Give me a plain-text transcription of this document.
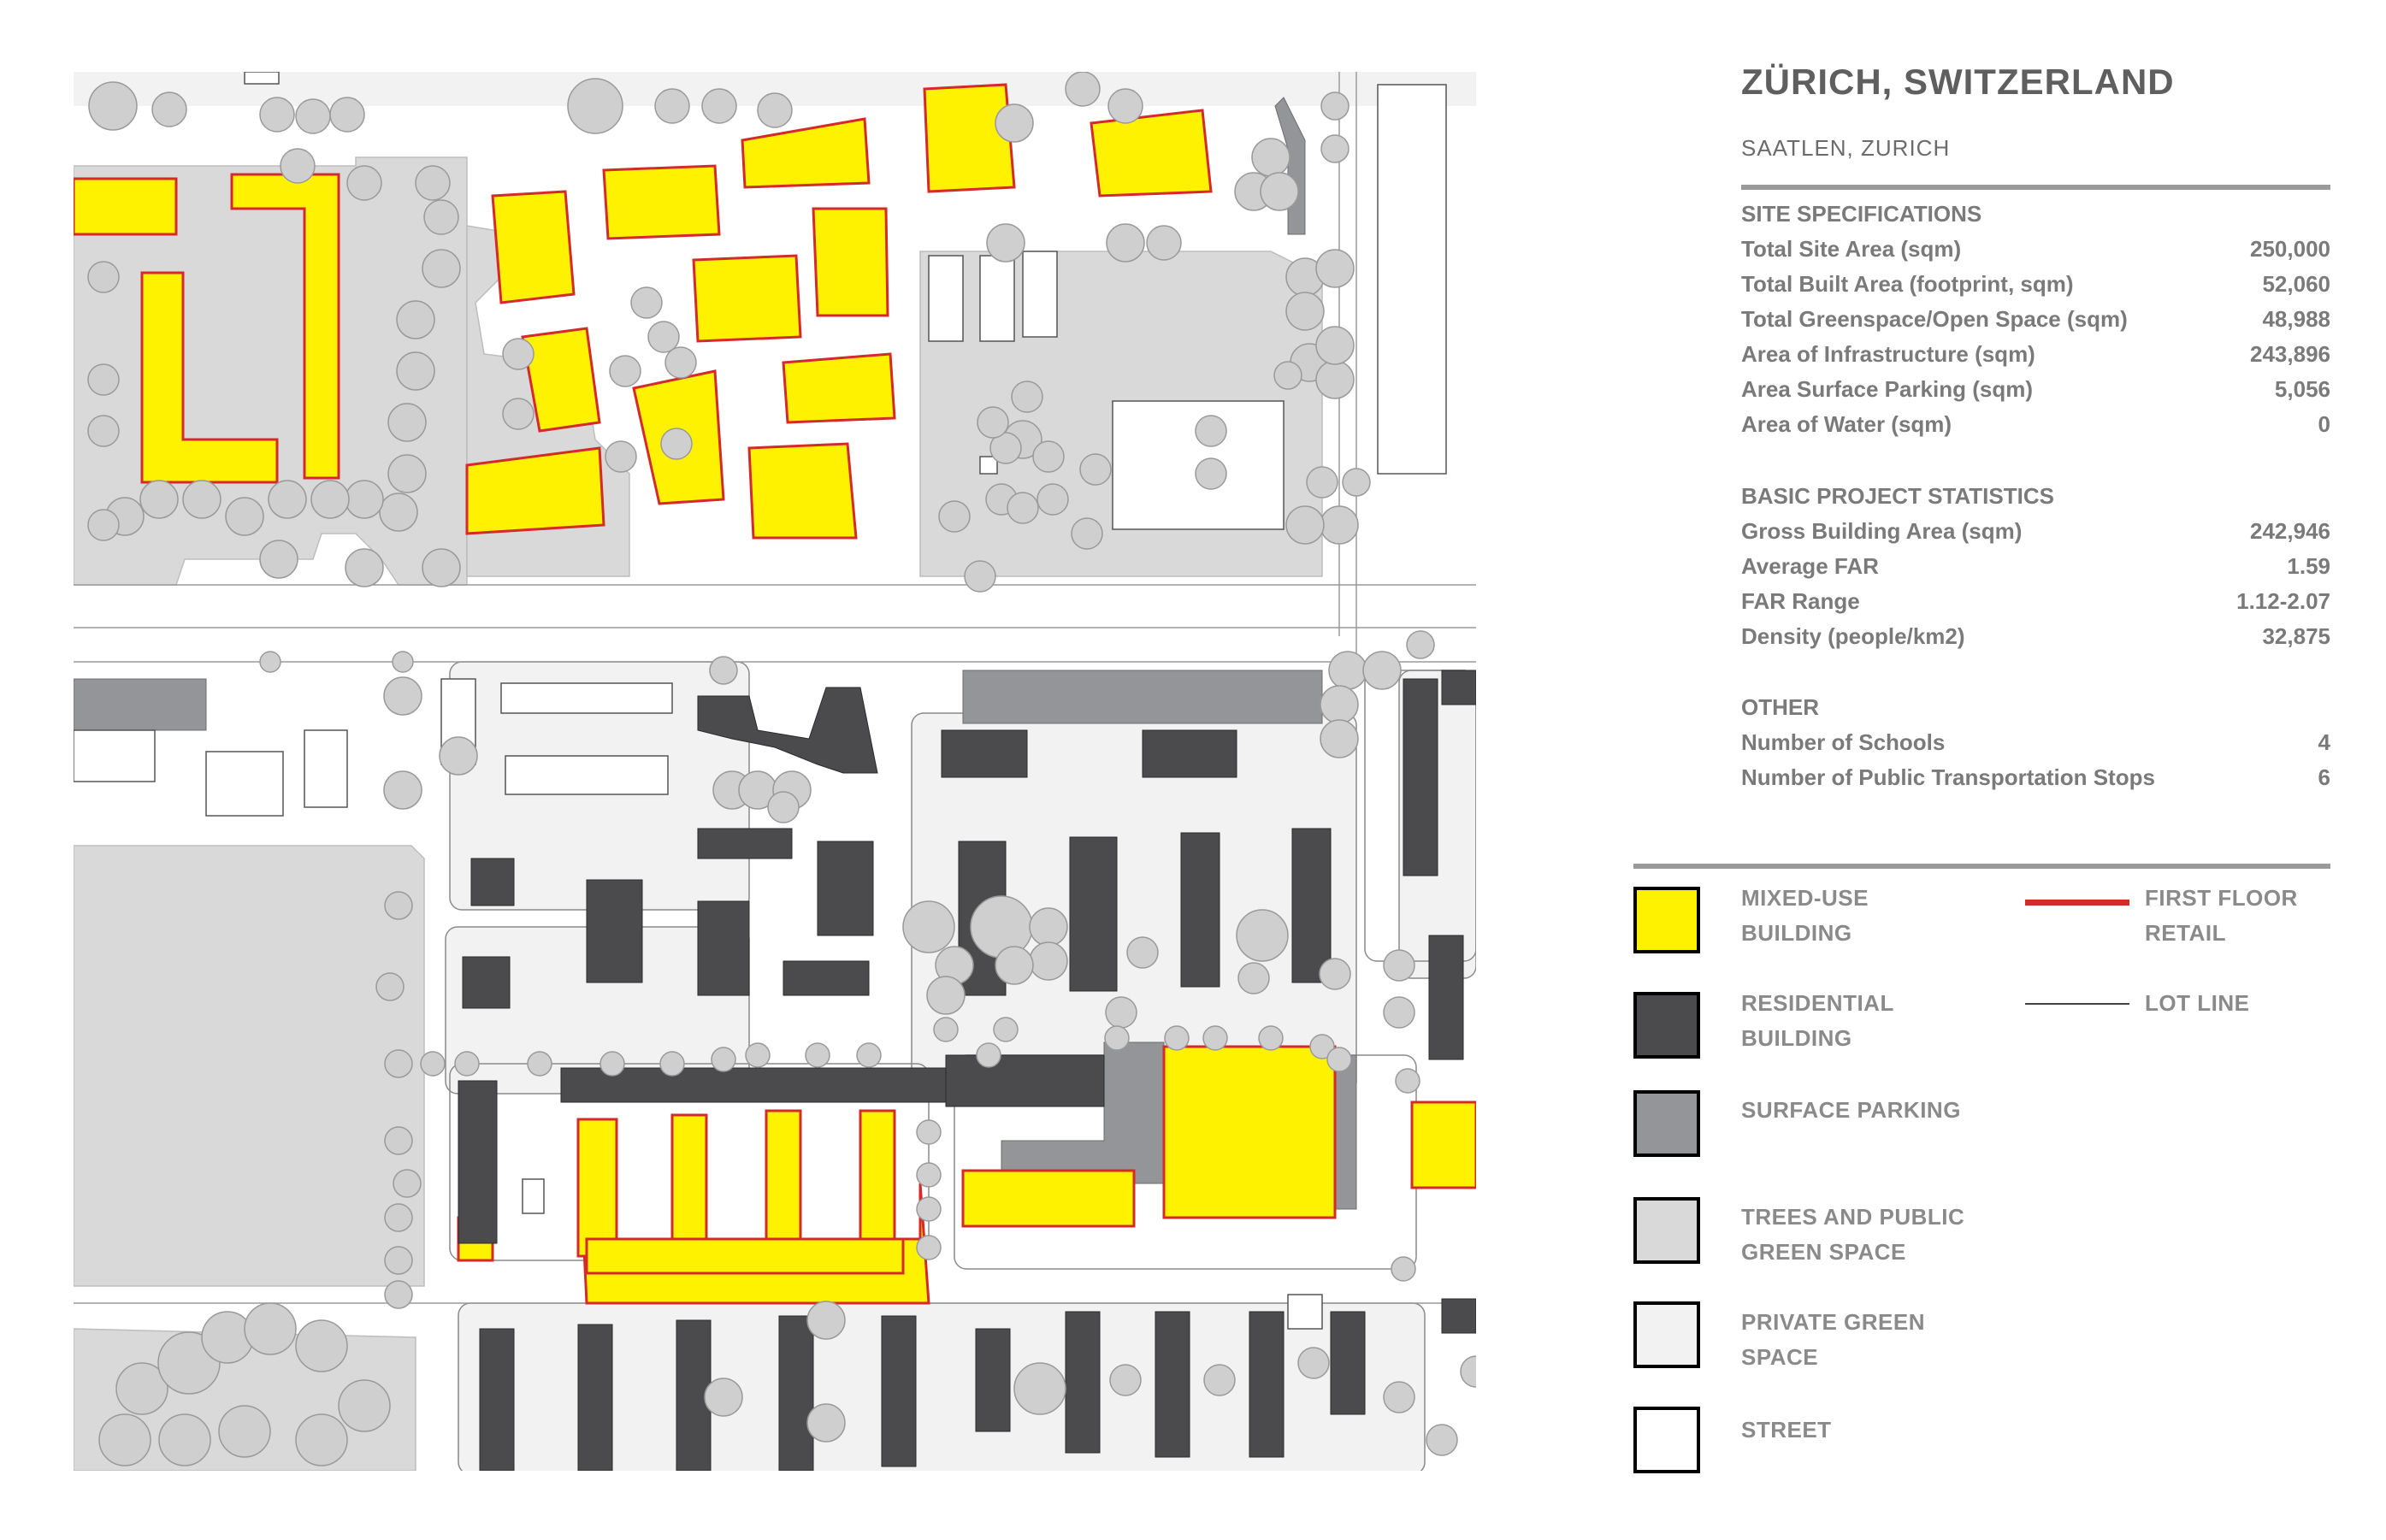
ZÜRICH, SWITZERLAND
SAATLEN, ZURICH
SITE SPECIFICATIONS
Total Site Area (sqm)	250,000
Total Built Area (footprint, sqm)	52,060
Total Greenspace/Open Space (sqm)	48,988
Area of Infrastructure (sqm)	243,896
Area Surface Parking (sqm)	5,056
Area of Water (sqm)	0
BASIC PROJECT STATISTICS
Gross Building Area (sqm)	242,946
Average FAR	1.59
FAR Range	1.12-2.07
Density (people/km2)	32,875
OTHER
Number of Schools	4
Number of Public Transportation Stops	6
MIXED-USE
BUILDING
FIRST FLOOR
RETAIL
RESIDENTIAL
BUILDING
LOT LINE
SURFACE PARKING
TREES AND PUBLIC
GREEN SPACE
PRIVATE GREEN
SPACE
STREET
